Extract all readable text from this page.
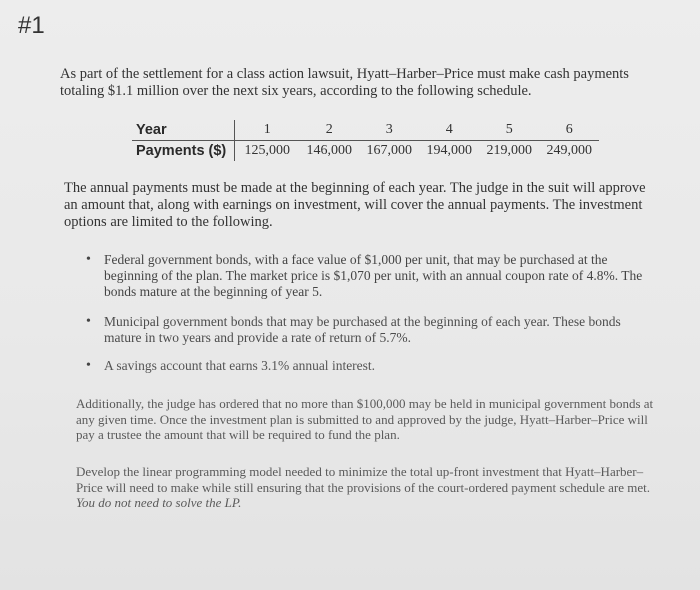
#1

As part of the settlement for a class action lawsuit, Hyatt–Harber–Price must make cash payments totaling $1.1 million over the next six years, according to the following schedule.

Year	1	2	3	4	5	6
Payments ($)	125,000	146,000	167,000	194,000	219,000	249,000

The annual payments must be made at the beginning of each year. The judge in the suit will approve an amount that, along with earnings on investment, will cover the annual payments. The investment options are limited to the following.

• Federal government bonds, with a face value of $1,000 per unit, that may be purchased at the beginning of the plan. The market price is $1,070 per unit, with an annual coupon rate of 4.8%. The bonds mature at the beginning of year 5.
• Municipal government bonds that may be purchased at the beginning of each year. These bonds mature in two years and provide a rate of return of 5.7%.
• A savings account that earns 3.1% annual interest.

Additionally, the judge has ordered that no more than $100,000 may be held in municipal government bonds at any given time. Once the investment plan is submitted to and approved by the judge, Hyatt–Harber–Price will pay a trustee the amount that will be required to fund the plan.

Develop the linear programming model needed to minimize the total up-front investment that Hyatt–Harber–Price will need to make while still ensuring that the provisions of the court-ordered payment schedule are met. You do not need to solve the LP.
